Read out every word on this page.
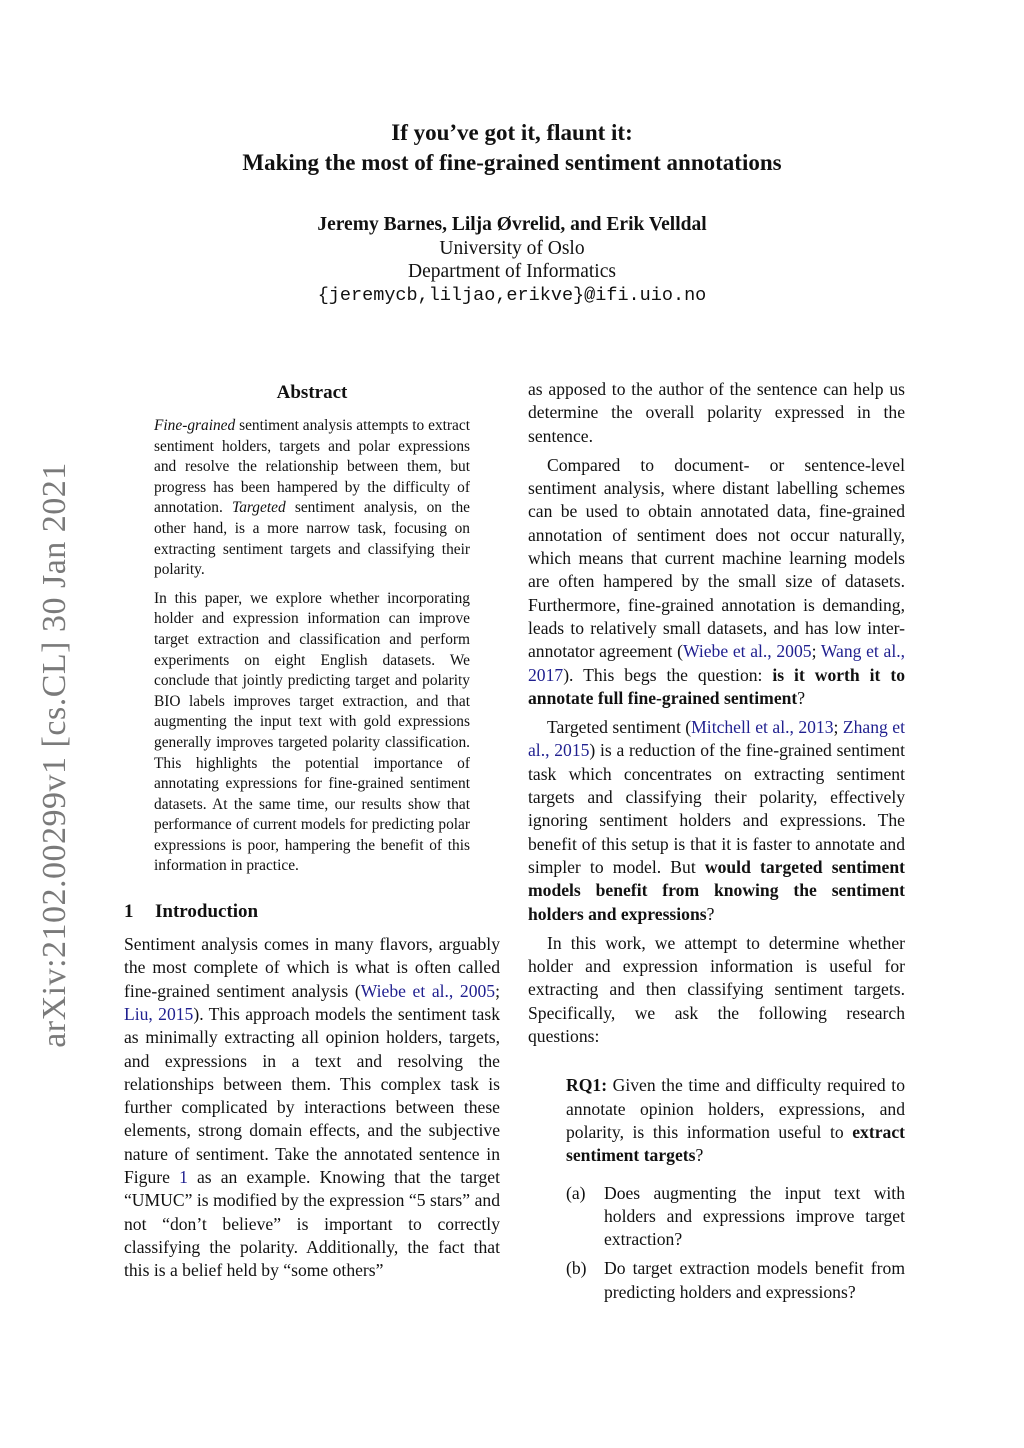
arXiv:2102.00299v1 [cs.CL] 30 Jan 2021
If you’ve got it, flaunt it:
Making the most of fine-grained sentiment annotations
Jeremy Barnes, Lilja Øvrelid, and Erik Velldal
University of Oslo
Department of Informatics
{jeremycb,liljao,erikve}@ifi.uio.no
Abstract

Fine-grained sentiment analysis attempts to extract sentiment holders, targets and polar expressions and resolve the relationship between them, but progress has been hampered by the difficulty of annotation. Targeted sentiment analysis, on the other hand, is a more narrow task, focusing on extracting sentiment targets and classifying their polarity.

In this paper, we explore whether incorporating holder and expression information can improve target extraction and classification and perform experiments on eight English datasets. We conclude that jointly predicting target and polarity BIO labels improves target extraction, and that augmenting the input text with gold expressions generally improves targeted polarity classification. This highlights the potential importance of annotating expressions for fine-grained sentiment datasets. At the same time, our results show that performance of current models for predicting polar expressions is poor, hampering the benefit of this information in practice.

1 Introduction

Sentiment analysis comes in many flavors, arguably the most complete of which is what is often called fine-grained sentiment analysis (Wiebe et al., 2005; Liu, 2015). This approach models the sentiment task as minimally extracting all opinion holders, targets, and expressions in a text and resolving the relationships between them. This complex task is further complicated by interactions between these elements, strong domain effects, and the subjective nature of sentiment. Take the annotated sentence in Figure 1 as an example. Knowing that the target “UMUC” is modified by the expression “5 stars” and not “don’t believe” is important to correctly classifying the polarity. Additionally, the fact that this is a belief held by “some others”

as apposed to the author of the sentence can help us determine the overall polarity expressed in the sentence.

Compared to document- or sentence-level sentiment analysis, where distant labelling schemes can be used to obtain annotated data, fine-grained annotation of sentiment does not occur naturally, which means that current machine learning models are often hampered by the small size of datasets. Furthermore, fine-grained annotation is demanding, leads to relatively small datasets, and has low inter-annotator agreement (Wiebe et al., 2005; Wang et al., 2017). This begs the question: is it worth it to annotate full fine-grained sentiment?

Targeted sentiment (Mitchell et al., 2013; Zhang et al., 2015) is a reduction of the fine-grained sentiment task which concentrates on extracting sentiment targets and classifying their polarity, effectively ignoring sentiment holders and expressions. The benefit of this setup is that it is faster to annotate and simpler to model. But would targeted sentiment models benefit from knowing the sentiment holders and expressions?

In this work, we attempt to determine whether holder and expression information is useful for extracting and then classifying sentiment targets. Specifically, we ask the following research questions:

RQ1: Given the time and difficulty required to annotate opinion holders, expressions, and polarity, is this information useful to extract sentiment targets?
(a)	Does augmenting the input text with holders and expressions improve target extraction?
(b) Do target extraction models benefit from predicting holders and expressions?
